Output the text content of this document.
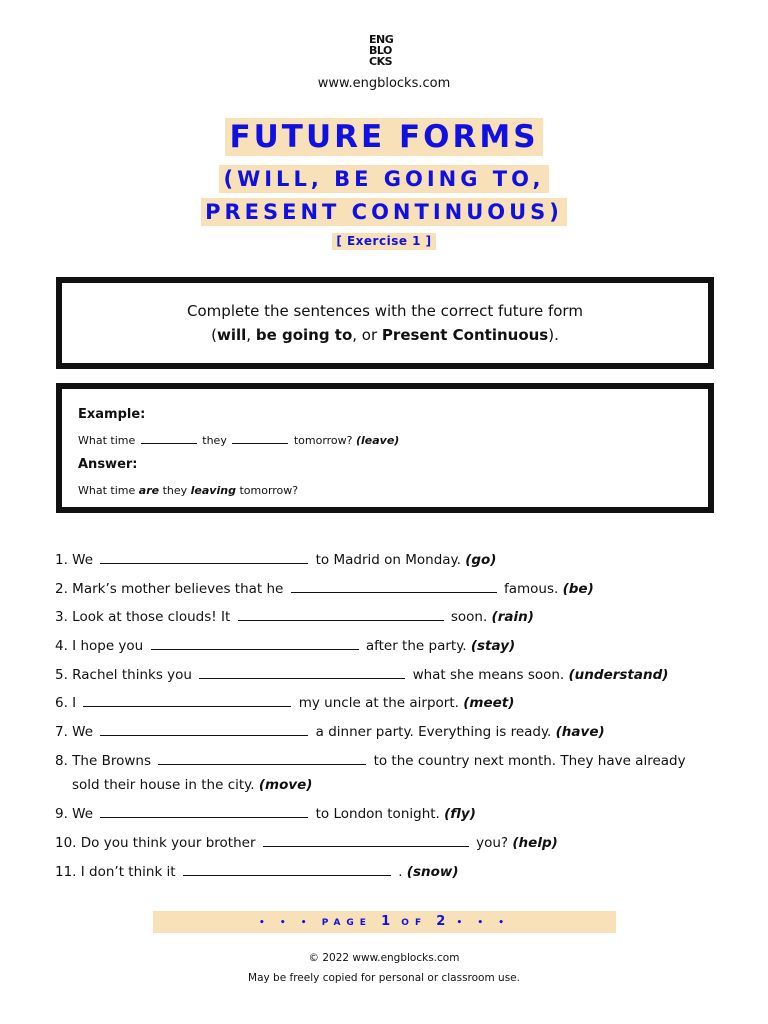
ENG
BLO
CKS
www.engblocks.com
FUTURE FORMS
(WILL, BE GOING TO,
PRESENT CONTINUOUS)
[ Exercise 1 ]
Complete the sentences with the correct future form
(will, be going to, or Present Continuous).
Example:
What time	they	tomorrow? (leave)
Answer:
What time are they leaving tomorrow?
1. We	to Madrid on Monday. (go)
2. Mark’s mother believes that he	famous. (be)
3. Look at those clouds! It	soon. (rain)
4. I hope you	after the party. (stay)
5. Rachel thinks you	what she means soon. (understand)
6. I	my uncle at the airport. (meet)
7. We	a dinner party. Everything is ready. (have)
8. The Browns	to the country next month. They have already
sold their house in the city. (move)
9. We	to London tonight. (fly)
10. Do you think your brother	you? (help)
11. I don’t think it	. (snow)
• • • PAGE 1 OF 2 • • •
© 2022 www.engblocks.com
May be freely copied for personal or classroom use.
